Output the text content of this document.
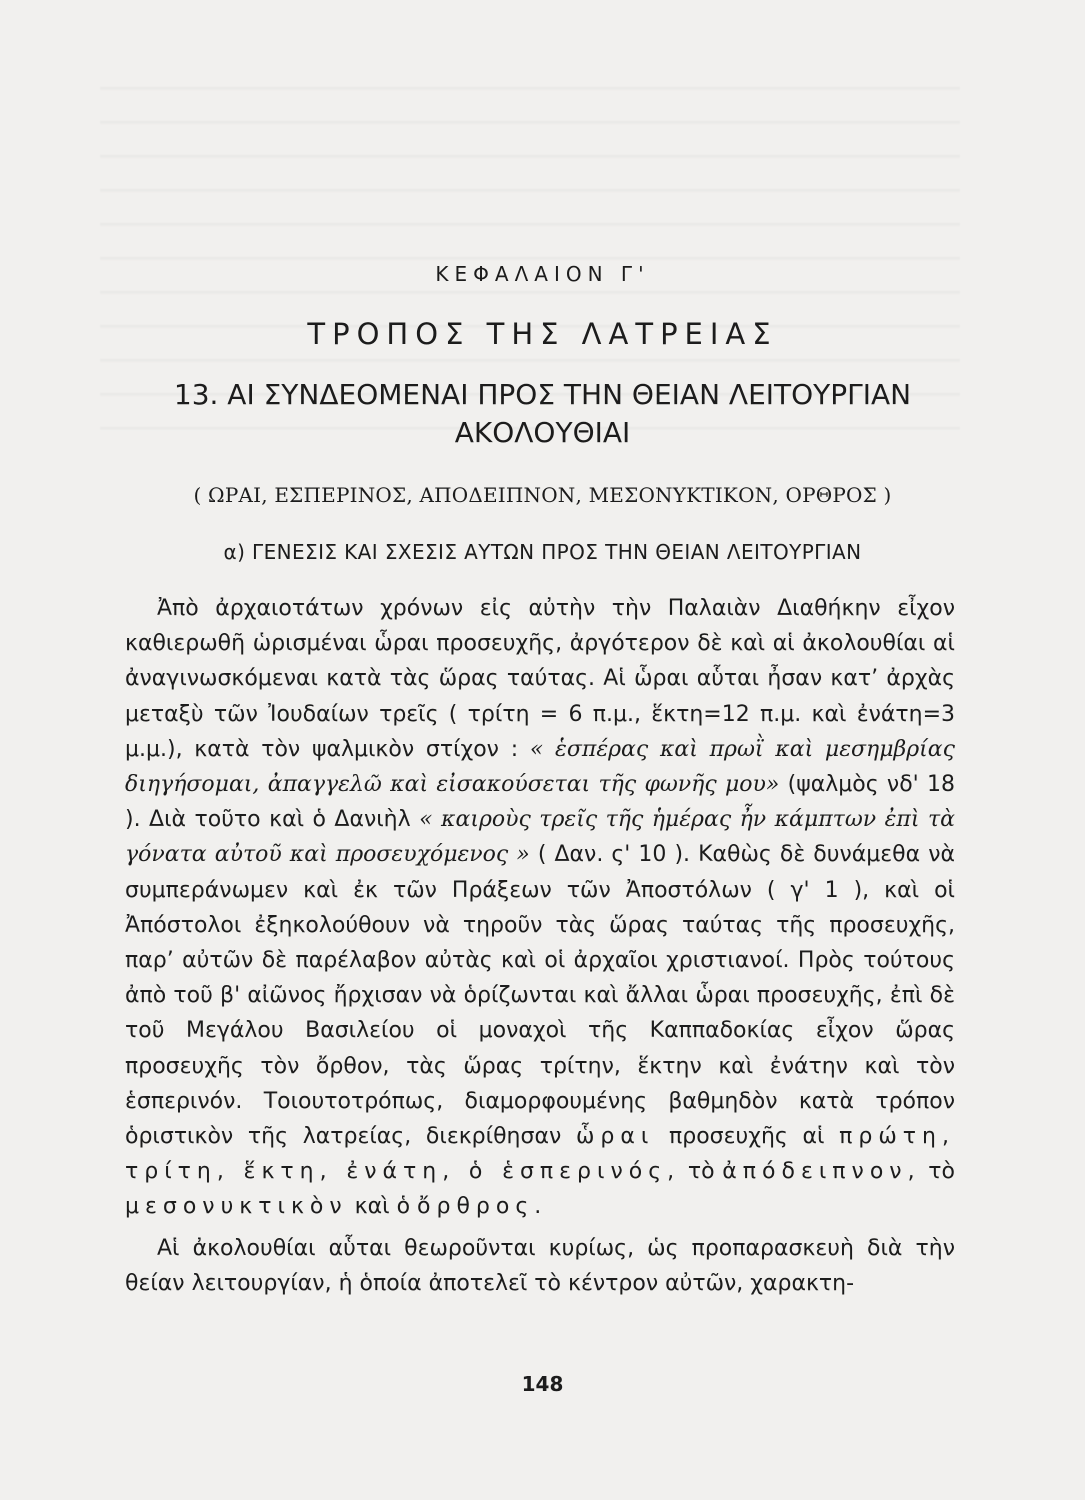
ΚΕΦΑΛΑΙΟΝ Γ'
ΤΡΟΠΟΣ ΤΗΣ ΛΑΤΡΕΙΑΣ
13. ΑΙ ΣΥΝΔΕΟΜΕΝΑΙ ΠΡΟΣ ΤΗΝ ΘΕΙΑΝ ΛΕΙΤΟΥΡΓΙΑΝ ΑΚΟΛΟΥΘΙΑΙ
( ΩΡΑΙ, ΕΣΠΕΡΙΝΟΣ, ΑΠΟΔΕΙΠΝΟΝ, ΜΕΣΟΝΥΚΤΙΚΟΝ, ΟΡΘΡΟΣ )
α) ΓΕΝΕΣΙΣ ΚΑΙ ΣΧΕΣΙΣ ΑΥΤΩΝ ΠΡΟΣ ΤΗΝ ΘΕΙΑΝ ΛΕΙΤΟΥΡΓΙΑΝ

Ἀπὸ ἀρχαιοτάτων χρόνων εἰς αὐτὴν τὴν Παλαιὰν Διαθήκην εἶχον καθιερωθῆ ὡρισμέναι ὧραι προσευχῆς, ἀργότερον δὲ καὶ αἱ ἀκολουθίαι αἱ ἀναγινωσκόμεναι κατὰ τὰς ὥρας ταύτας. Αἱ ὧραι αὗται ἦσαν κατ’ ἀρχὰς μεταξὺ τῶν Ἰουδαίων τρεῖς ( τρίτη = 6 π.μ., ἕκτη=12 π.μ. καὶ ἐνάτη=3 μ.μ.), κατὰ τὸν ψαλμικὸν στίχον : « ἑσπέρας καὶ πρωῒ καὶ μεσημβρίας διηγήσομαι, ἀπαγγελῶ καὶ εἰσακούσεται τῆς φωνῆς μου» (ψαλμὸς νδ' 18 ). Διὰ τοῦτο καὶ ὁ Δανιὴλ « καιροὺς τρεῖς τῆς ἡμέρας ἦν κάμπτων ἐπὶ τὰ γόνατα αὐτοῦ καὶ προσευχόμενος » ( Δαν. ς' 10 ). Καθὼς δὲ δυνάμεθα νὰ συμπεράνωμεν καὶ ἐκ τῶν Πράξεων τῶν Ἀποστόλων ( γ' 1 ), καὶ οἱ Ἀπόστολοι ἐξηκολούθουν νὰ τηροῦν τὰς ὥρας ταύτας τῆς προσευχῆς, παρ’ αὐτῶν δὲ παρέλαβον αὐτὰς καὶ οἱ ἀρχαῖοι χριστιανοί. Πρὸς τούτους ἀπὸ τοῦ β' αἰῶνος ἤρχισαν νὰ ὁρίζωνται καὶ ἄλλαι ὧραι προσευχῆς, ἐπὶ δὲ τοῦ Μεγάλου Βασιλείου οἱ μοναχοὶ τῆς Καππαδοκίας εἶχον ὥρας προσευχῆς τὸν ὄρθον, τὰς ὥρας τρίτην, ἕκτην καὶ ἐνάτην καὶ τὸν ἑσπερινόν. Τοιουτοτρόπως, διαμορφουμένης βαθμηδὸν κατὰ τρόπον ὁριστικὸν τῆς λατρείας, διεκρίθησαν ὧραι προσευχῆς αἱ πρώτη, τρίτη, ἕκτη, ἐνάτη, ὁ ἑσπερινός, τὸ ἀπόδειπνον, τὸ μεσονυκτικὸν καὶ ὁ ὄρθρος.

Αἱ ἀκολουθίαι αὗται θεωροῦνται κυρίως, ὡς προπαρασκευὴ διὰ τὴν θείαν λειτουργίαν, ἡ ὁποία ἀποτελεῖ τὸ κέντρον αὐτῶν, χαρακτη-

148
